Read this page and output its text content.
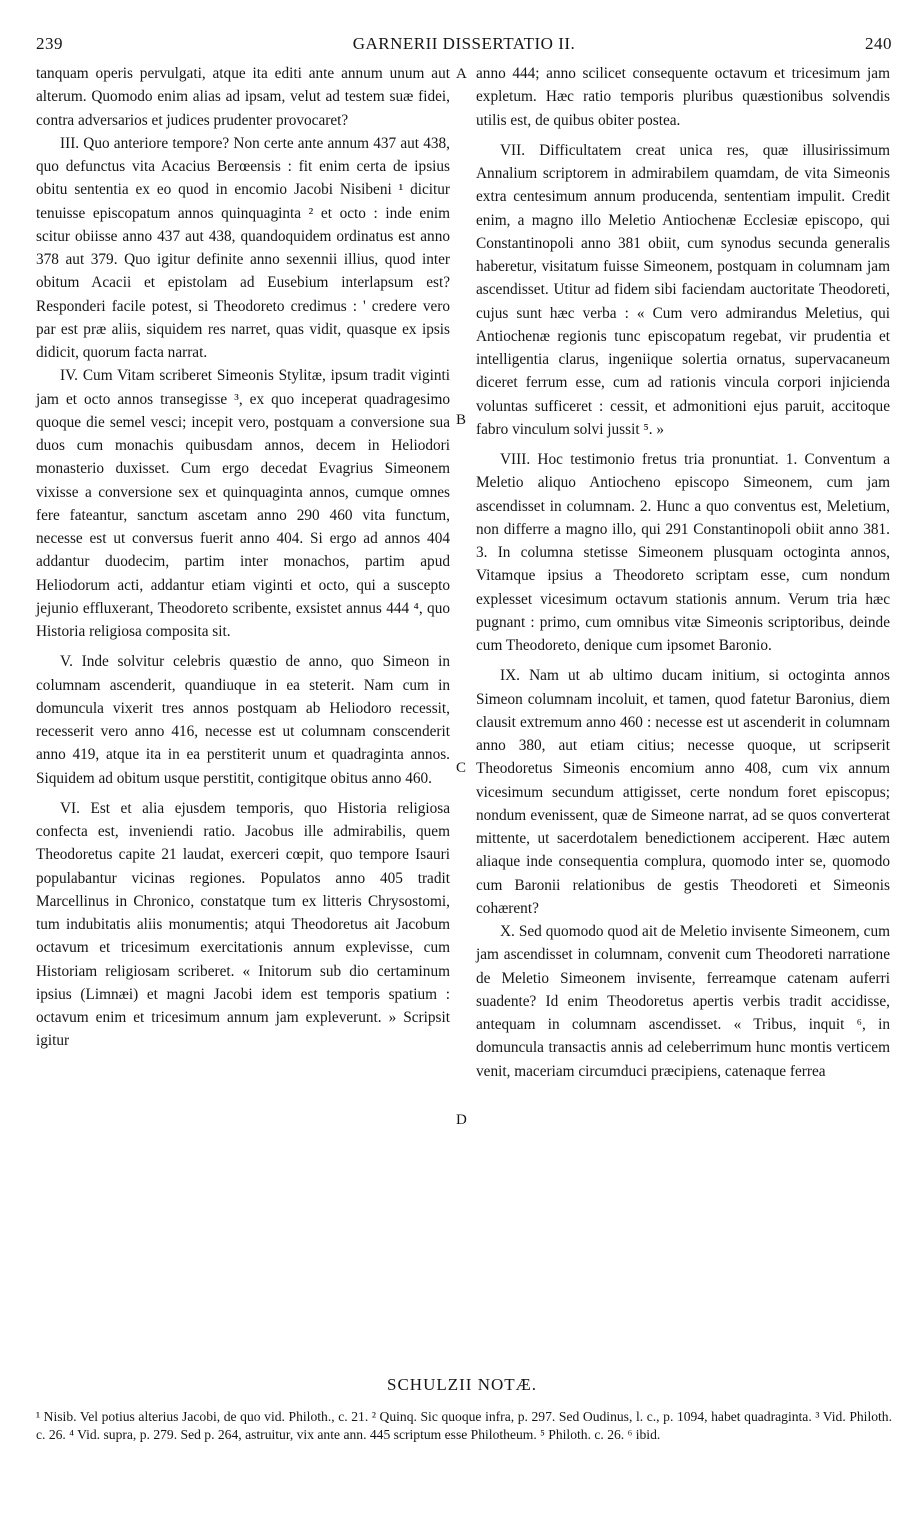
239	GARNERII DISSERTATIO II.	240

tanquam operis pervulgati, atque ita editi ante annum unum aut alterum. Quomodo enim alias ad ipsam, velut ad testem suæ fidei, contra adversarios et judices prudenter provocaret?

III. Quo anteriore tempore? Non certe ante annum 437 aut 438, quo defunctus vita Acacius Berœensis : fit enim certa de ipsius obitu sententia ex eo quod in encomio Jacobi Nisibeni ¹ dicitur tenuisse episcopatum annos quinquaginta ² et octo : inde enim scitur obiisse anno 437 aut 438, quandoquidem ordinatus est anno 378 aut 379. Quo igitur definite anno sexennii illius, quod inter obitum Acacii et epistolam ad Eusebium interlapsum est? Responderi facile potest, si Theodoreto credimus : ' credere vero par est præ aliis, siquidem res narret, quas vidit, quasque ex ipsis didicit, quorum facta narrat.

IV. Cum Vitam scriberet Simeonis Stylitæ, ipsum tradit viginti jam et octo annos transegisse ³, ex quo inceperat quadragesimo quoque die semel vesci; incepit vero, postquam a conversione sua duos cum monachis quibusdam annos, decem in Heliodori monasterio duxisset. Cum ergo decedat Evagrius Simeonem vixisse a conversione sex et quinquaginta annos, cumque omnes fere fateantur, sanctum ascetam anno 290 460 vita functum, necesse est ut conversus fuerit anno 404. Si ergo ad annos 404 addantur duodecim, partim inter monachos, partim apud Heliodorum acti, addantur etiam viginti et octo, qui a suscepto jejunio effluxerant, Theodoreto scribente, exsistet annus 444 ⁴, quo Historia religiosa composita sit.

V. Inde solvitur celebris quæstio de anno, quo Simeon in columnam ascenderit, quandiuque in ea steterit. Nam cum in domuncula vixerit tres annos postquam ab Heliodoro recessit, recesserit vero anno 416, necesse est ut columnam conscenderit anno 419, atque ita in ea perstiterit unum et quadraginta annos. Siquidem ad obitum usque perstitit, contigitque obitus anno 460.

VI. Est et alia ejusdem temporis, quo Historia religiosa confecta est, inveniendi ratio. Jacobus ille admirabilis, quem Theodoretus capite 21 laudat, exerceri cœpit, quo tempore Isauri populabantur vicinas regiones. Populatos anno 405 tradit Marcellinus in Chronico, constatque tum ex litteris Chrysostomi, tum indubitatis aliis monumentis; atqui Theodoretus ait Jacobum octavum et tricesimum exercitationis annum explevisse, cum Historiam religiosam scriberet. « Initorum sub dio certaminum ipsius (Limnæi) et magni Jacobi idem est temporis spatium : octavum enim et tricesimum annum jam expleverunt. » Scripsit igitur

A
B
C
D

anno 444; anno scilicet consequente octavum et tricesimum jam expletum. Hæc ratio temporis pluribus quæstionibus solvendis utilis est, de quibus obiter postea.

VII. Difficultatem creat unica res, quæ illusirissimum Annalium scriptorem in admirabilem quamdam, de vita Simeonis extra centesimum annum producenda, sententiam impulit. Credit enim, a magno illo Meletio Antiochenæ Ecclesiæ episcopo, qui Constantinopoli anno 381 obiit, cum synodus secunda generalis haberetur, visitatum fuisse Simeonem, postquam in columnam jam ascendisset. Utitur ad fidem sibi faciendam auctoritate Theodoreti, cujus sunt hæc verba : « Cum vero admirandus Meletius, qui Antiochenæ regionis tunc episcopatum regebat, vir prudentia et intelligentia clarus, ingeniique solertia ornatus, supervacaneum diceret ferrum esse, cum ad rationis vincula corpori injicienda voluntas sufficeret : cessit, et admonitioni ejus paruit, accitoque fabro vinculum solvi jussit ⁵. »

VIII. Hoc testimonio fretus tria pronuntiat. 1. Conventum a Meletio aliquo Antiocheno episcopo Simeonem, cum jam ascendisset in columnam. 2. Hunc a quo conventus est, Meletium, non differre a magno illo, qui 291 Constantinopoli obiit anno 381. 3. In columna stetisse Simeonem plusquam octoginta annos, Vitamque ipsius a Theodoreto scriptam esse, cum nondum explesset vicesimum octavum stationis annum. Verum tria hæc pugnant : primo, cum omnibus vitæ Simeonis scriptoribus, deinde cum Theodoreto, denique cum ipsomet Baronio.

IX. Nam ut ab ultimo ducam initium, si octoginta annos Simeon columnam incoluit, et tamen, quod fatetur Baronius, diem clausit extremum anno 460 : necesse est ut ascenderit in columnam anno 380, aut etiam citius; necesse quoque, ut scripserit Theodoretus Simeonis encomium anno 408, cum vix annum vicesimum secundum attigisset, certe nondum foret episcopus; nondum evenissent, quæ de Simeone narrat, ad se quos converterat mittente, ut sacerdotalem benedictionem acciperent. Hæc autem aliaque inde consequentia complura, quomodo inter se, quomodo cum Baronii relationibus de gestis Theodoreti et Simeonis cohærent?

X. Sed quomodo quod ait de Meletio invisente Simeonem, cum jam ascendisset in columnam, convenit cum Theodoreti narratione de Meletio Simeonem invisente, ferreamque catenam auferri suadente? Id enim Theodoretus apertis verbis tradit accidisse, antequam in columnam ascendisset. « Tribus, inquit ⁶, in domuncula transactis annis ad celeberrimum hunc montis verticem venit, maceriam circumduci præcipiens, catenaque ferrea

SCHULZII NOTÆ.
¹ Nisib. Vel potius alterius Jacobi, de quo vid. Philoth., c. 21. ² Quinq. Sic quoque infra, p. 297. Sed Oudinus, l. c., p. 1094, habet quadraginta. ³ Vid. Philoth. c. 26. ⁴ Vid. supra, p. 279. Sed p. 264, astruitur, vix ante ann. 445 scriptum esse Philotheum. ⁵ Philoth. c. 26. ⁶ ibid.
